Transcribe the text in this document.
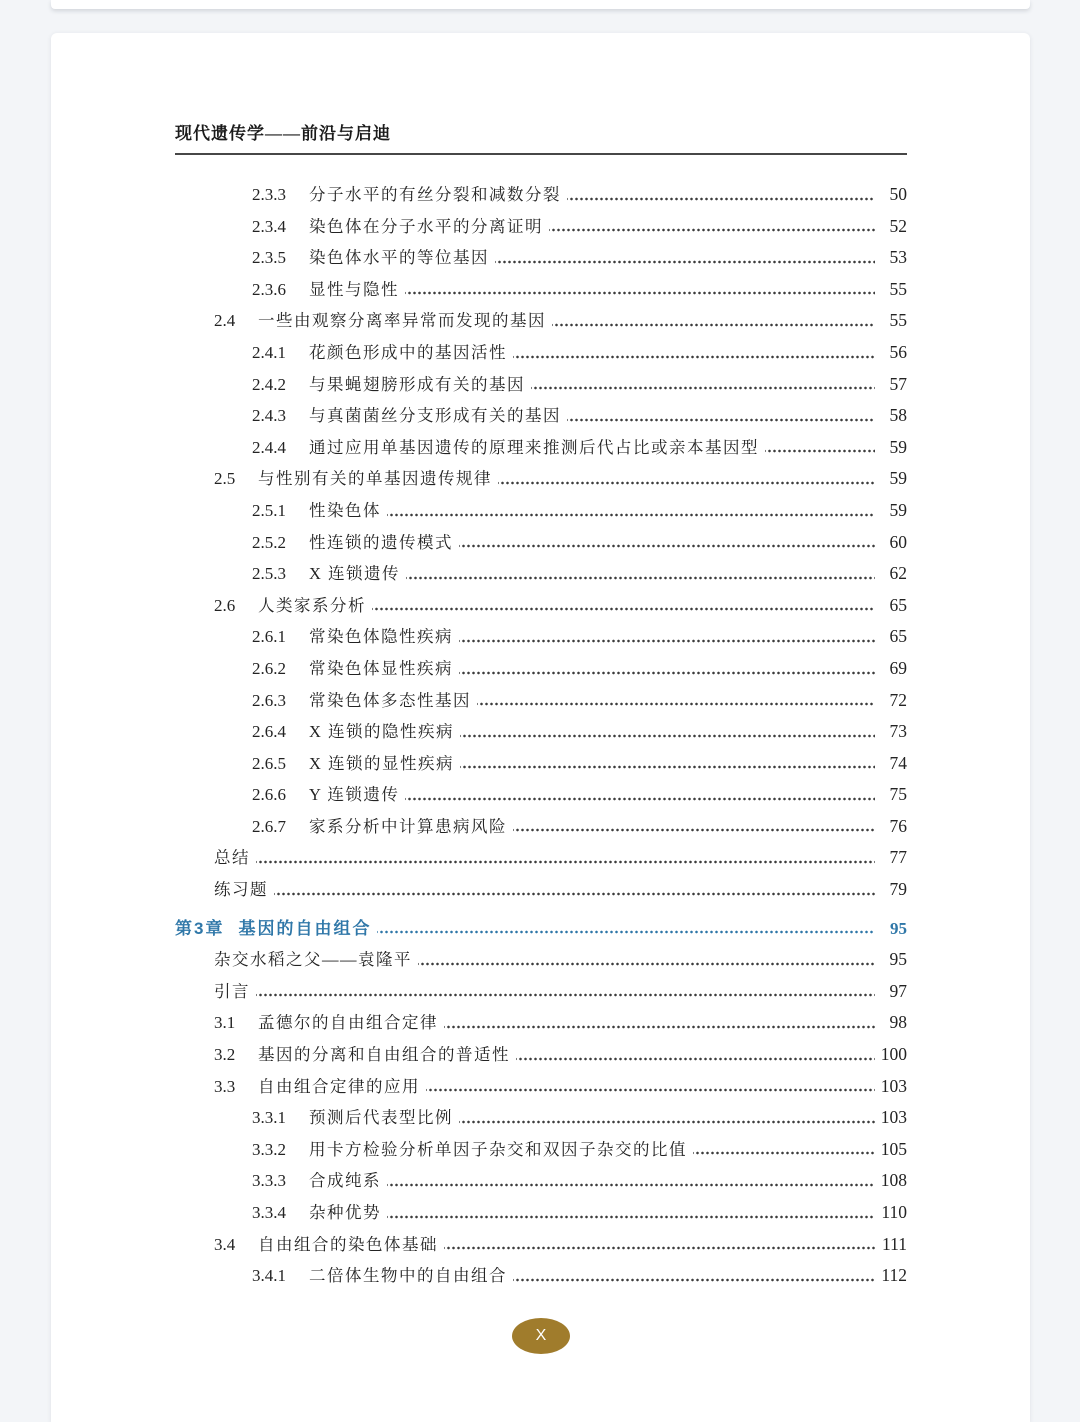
现代遗传学——前沿与启迪
2.3.3	分子水平的有丝分裂和减数分裂	50
2.3.4	染色体在分子水平的分离证明	52
2.3.5	染色体水平的等位基因	53
2.3.6	显性与隐性	55
2.4	一些由观察分离率异常而发现的基因	55
2.4.1	花颜色形成中的基因活性	56
2.4.2	与果蝇翅膀形成有关的基因	57
2.4.3	与真菌菌丝分支形成有关的基因	58
2.4.4	通过应用单基因遗传的原理来推测后代占比或亲本基因型	59
2.5	与性别有关的单基因遗传规律	59
2.5.1	性染色体	59
2.5.2	性连锁的遗传模式	60
2.5.3	X 连锁遗传	62
2.6	人类家系分析	65
2.6.1	常染色体隐性疾病	65
2.6.2	常染色体显性疾病	69
2.6.3	常染色体多态性基因	72
2.6.4	X 连锁的隐性疾病	73
2.6.5	X 连锁的显性疾病	74
2.6.6	Y 连锁遗传	75
2.6.7	家系分析中计算患病风险	76
总结	77
练习题	79
第3章 基因的自由组合	95
杂交水稻之父——袁隆平	95
引言	97
3.1	孟德尔的自由组合定律	98
3.2	基因的分离和自由组合的普适性	100
3.3	自由组合定律的应用	103
3.3.1	预测后代表型比例	103
3.3.2	用卡方检验分析单因子杂交和双因子杂交的比值	105
3.3.3	合成纯系	108
3.3.4	杂种优势	110
3.4	自由组合的染色体基础	111
3.4.1	二倍体生物中的自由组合	112
X
